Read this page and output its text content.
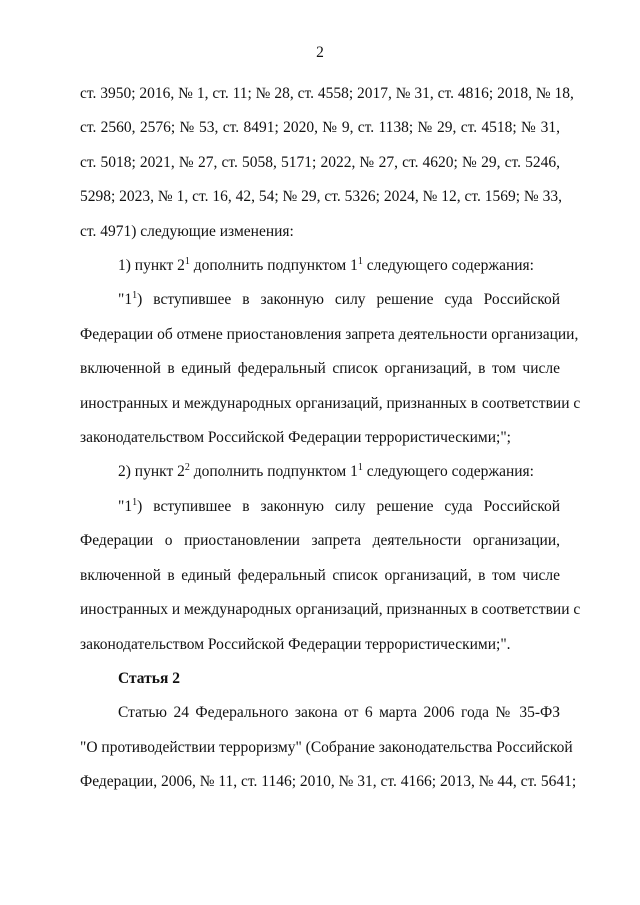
2
ст. 3950; 2016, № 1, ст. 11; № 28, ст. 4558; 2017, № 31, ст. 4816; 2018, № 18,
ст. 2560, 2576; № 53, ст. 8491; 2020, № 9, ст. 1138; № 29, ст. 4518; № 31,
ст. 5018; 2021, № 27, ст. 5058, 5171; 2022, № 27, ст. 4620; № 29, ст. 5246,
5298; 2023, № 1, ст. 16, 42, 54; № 29, ст. 5326; 2024, № 12, ст. 1569; № 33,
ст. 4971) следующие изменения:
1) пункт $2^1$ дополнить подпунктом $1^1$ следующего содержания:
"$1^1$) вступившее в законную силу решение суда Российской
Федерации об отмене приостановления запрета деятельности организации,
включенной в единый федеральный список организаций, в том числе
иностранных и международных организаций, признанных в соответствии с
законодательством Российской Федерации террористическими;";
2) пункт $2^2$ дополнить подпунктом $1^1$ следующего содержания:
"$1^1$) вступившее в законную силу решение суда Российской
Федерации о приостановлении запрета деятельности организации,
включенной в единый федеральный список организаций, в том числе
иностранных и международных организаций, признанных в соответствии с
законодательством Российской Федерации террористическими;".
Статья 2
Статью 24 Федерального закона от 6 марта 2006 года № 35-ФЗ
"О противодействии терроризму" (Собрание законодательства Российской
Федерации, 2006, № 11, ст. 1146; 2010, № 31, ст. 4166; 2013, № 44, ст. 5641;
